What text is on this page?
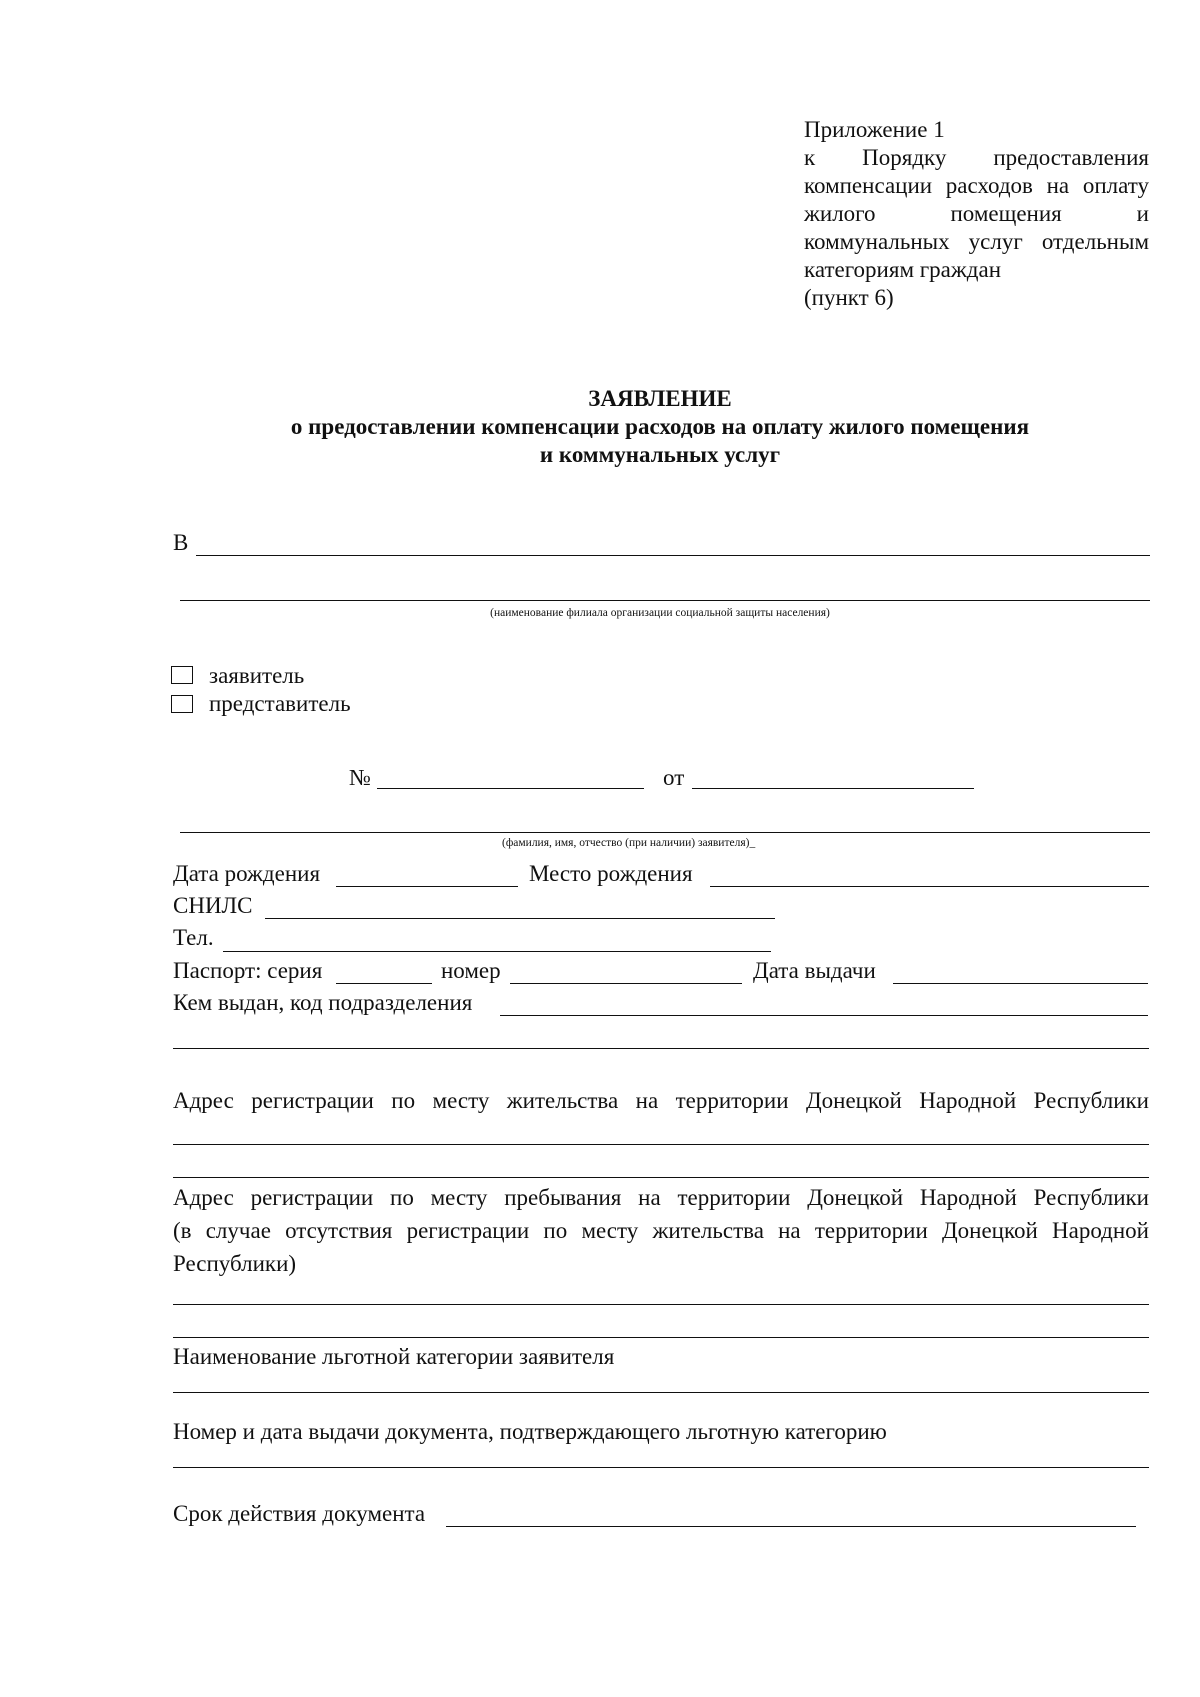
Приложение 1
к Порядку предоставления
компенсации расходов на оплату
жилого помещения и
коммунальных услуг отдельным
категориям граждан
(пункт 6)
ЗАЯВЛЕНИЕ
о предоставлении компенсации расходов на оплату жилого помещения
и коммунальных услуг
В
(наименование филиала организации социальной защиты населения)
заявитель
представитель
№	от
(фамилия, имя, отчество (при наличии) заявителя)_
Дата рождения	Место рождения
СНИЛС
Тел.
Паспорт: серия	номер	Дата выдачи
Кем выдан, код подразделения
Адрес регистрации по месту жительства на территории Донецкой Народной Республики
Адрес регистрации по месту пребывания на территории Донецкой Народной Республики
(в случае отсутствия регистрации по месту жительства на территории Донецкой Народной
Республики)
Наименование льготной категории заявителя
Номер и дата выдачи документа, подтверждающего льготную категорию
Срок действия документа
